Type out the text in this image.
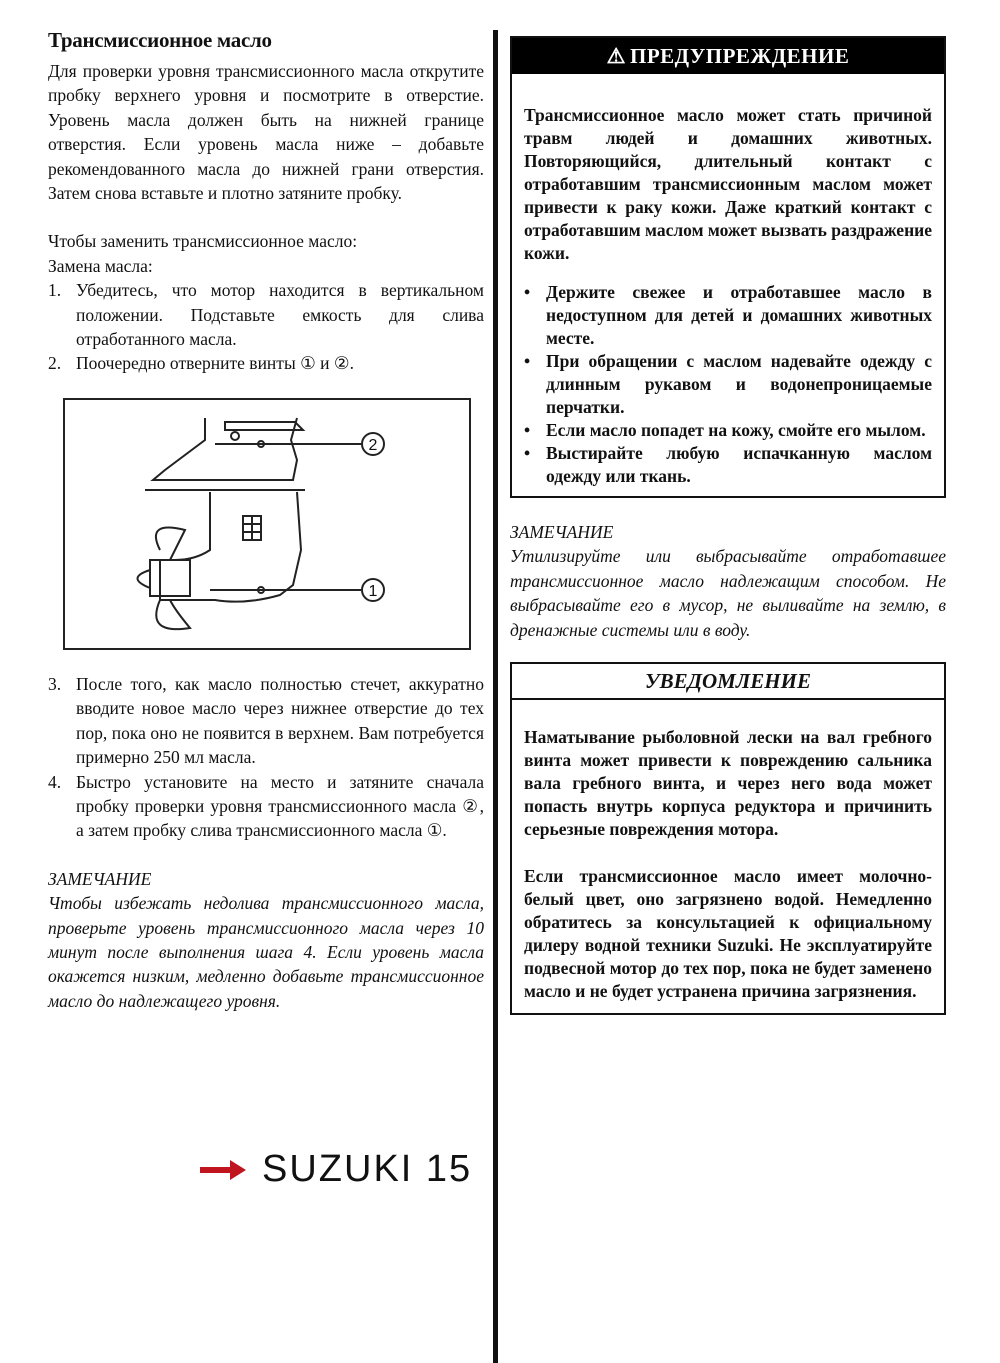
Трансмиссионное масло

Для проверки уровня трансмиссионного масла открутите пробку верхнего уровня и посмотрите в отверстие. Уровень масла должен быть на нижней границе отверстия. Если уровень масла ниже – добавьте рекомендованного масла до нижней грани отверстия. Затем снова вставьте и плотно затяните пробку.

Чтобы заменить трансмиссионное масло:

Замена масла:

1. Убедитесь, что мотор находится в вертикальном положении. Подставьте емкость для слива отработанного масла.
2. Поочередно отверните винты ① и ②.
2
1
3. После того, как масло полностью стечет, аккуратно вводите новое масло через нижнее отверстие до тех пор, пока оно не появится в верхнем. Вам потребуется примерно 250 мл масла.
4. Быстро установите на место и затяните сначала пробку проверки уровня трансмиссионного масла ②, а затем пробку слива трансмиссионного масла ①.

ЗАМЕЧАНИЕ

Чтобы избежать недолива трансмиссионного масла, проверьте уровень трансмиссионного масла через 10 минут после выполнения шага 4. Если уровень масла окажется низким, медленно добавьте трансмиссионное масло до надлежащего уровня.

SUZUKI 15
⚠ ПРЕДУПРЕЖДЕНИЕ

Трансмиссионное масло может стать причиной травм людей и домашних животных. Повторяющийся, длительный контакт с отработавшим трансмиссионным маслом может привести к раку кожи. Даже краткий контакт с отработавшим маслом может вызвать раздражение кожи.

• Держите свежее и отработавшее масло в недоступном для детей и домашних животных месте.
• При обращении с маслом надевайте одежду с длинным рукавом и водонепроницаемые перчатки.
• Если масло попадет на кожу, смойте его мылом.
• Выстирайте любую испачканную маслом одежду или ткань.

ЗАМЕЧАНИЕ

Утилизируйте или выбрасывайте отработавшее трансмиссионное масло надлежащим способом. Не выбрасывайте его в мусор, не выливайте на землю, в дренажные системы или в воду.

УВЕДОМЛЕНИЕ

Наматывание рыболовной лески на вал гребного винта может привести к повреждению сальника вала гребного винта, и через него вода может попасть внутрь корпуса редуктора и причинить серьезные повреждения мотора.

Если трансмиссионное масло имеет молочно-белый цвет, оно загрязнено водой. Немедленно обратитесь за консультацией к официальному дилеру водной техники Suzuki. Не эксплуатируйте подвесной мотор до тех пор, пока не будет заменено масло и не будет устранена причина загрязнения.
